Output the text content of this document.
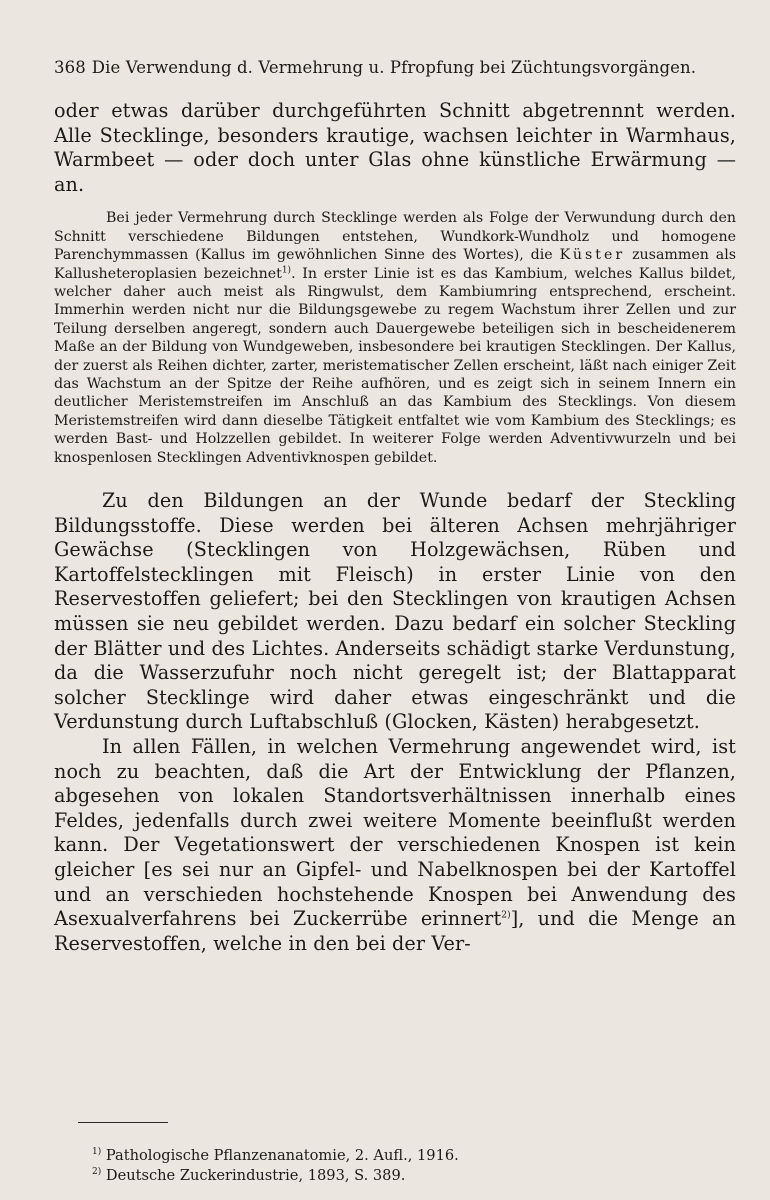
368 Die Verwendung d. Vermehrung u. Pfropfung bei Züchtungsvorgängen.

oder etwas darüber durchgeführten Schnitt abgetrennnt werden. Alle Stecklinge, besonders krautige, wachsen leichter in Warmhaus, Warmbeet — oder doch unter Glas ohne künstliche Erwärmung — an.

Bei jeder Vermehrung durch Stecklinge werden als Folge der Verwundung durch den Schnitt verschiedene Bildungen entstehen, Wundkork-Wundholz und homogene Parenchymmassen (Kallus im gewöhnlichen Sinne des Wortes), die Küster zusammen als Kallusheteroplasien bezeichnet$^{1)}$. In erster Linie ist es das Kambium, welches Kallus bildet, welcher daher auch meist als Ringwulst, dem Kambiumring entsprechend, erscheint. Immerhin werden nicht nur die Bildungsgewebe zu regem Wachstum ihrer Zellen und zur Teilung derselben angeregt, sondern auch Dauergewebe beteiligen sich in bescheidenerem Maße an der Bildung von Wundgeweben, insbesondere bei krautigen Stecklingen. Der Kallus, der zuerst als Reihen dichter, zarter, meristematischer Zellen erscheint, läßt nach einiger Zeit das Wachstum an der Spitze der Reihe aufhören, und es zeigt sich in seinem Innern ein deutlicher Meristemstreifen im Anschluß an das Kambium des Stecklings. Von diesem Meristemstreifen wird dann dieselbe Tätigkeit entfaltet wie vom Kambium des Stecklings; es werden Bast- und Holzzellen gebildet. In weiterer Folge werden Adventivwurzeln und bei knospenlosen Stecklingen Adventivknospen gebildet.

Zu den Bildungen an der Wunde bedarf der Steckling Bildungsstoffe. Diese werden bei älteren Achsen mehrjähriger Gewächse (Stecklingen von Holzgewächsen, Rüben und Kartoffelstecklingen mit Fleisch) in erster Linie von den Reservestoffen geliefert; bei den Stecklingen von krautigen Achsen müssen sie neu gebildet werden. Dazu bedarf ein solcher Steckling der Blätter und des Lichtes. Anderseits schädigt starke Verdunstung, da die Wasserzufuhr noch nicht geregelt ist; der Blattapparat solcher Stecklinge wird daher etwas eingeschränkt und die Verdunstung durch Luftabschluß (Glocken, Kästen) herabgesetzt.

In allen Fällen, in welchen Vermehrung angewendet wird, ist noch zu beachten, daß die Art der Entwicklung der Pflanzen, abgesehen von lokalen Standortsverhältnissen innerhalb eines Feldes, jedenfalls durch zwei weitere Momente beeinflußt werden kann. Der Vegetationswert der verschiedenen Knospen ist kein gleicher [es sei nur an Gipfel- und Nabelknospen bei der Kartoffel und an verschieden hochstehende Knospen bei Anwendung des Asexualverfahrens bei Zuckerrübe erinnert$^{2)}$], und die Menge an Reservestoffen, welche in den bei der Ver-

$^{1)}$ Pathologische Pflanzenanatomie, 2. Aufl., 1916.
$^{2)}$ Deutsche Zuckerindustrie, 1893, S. 389.
